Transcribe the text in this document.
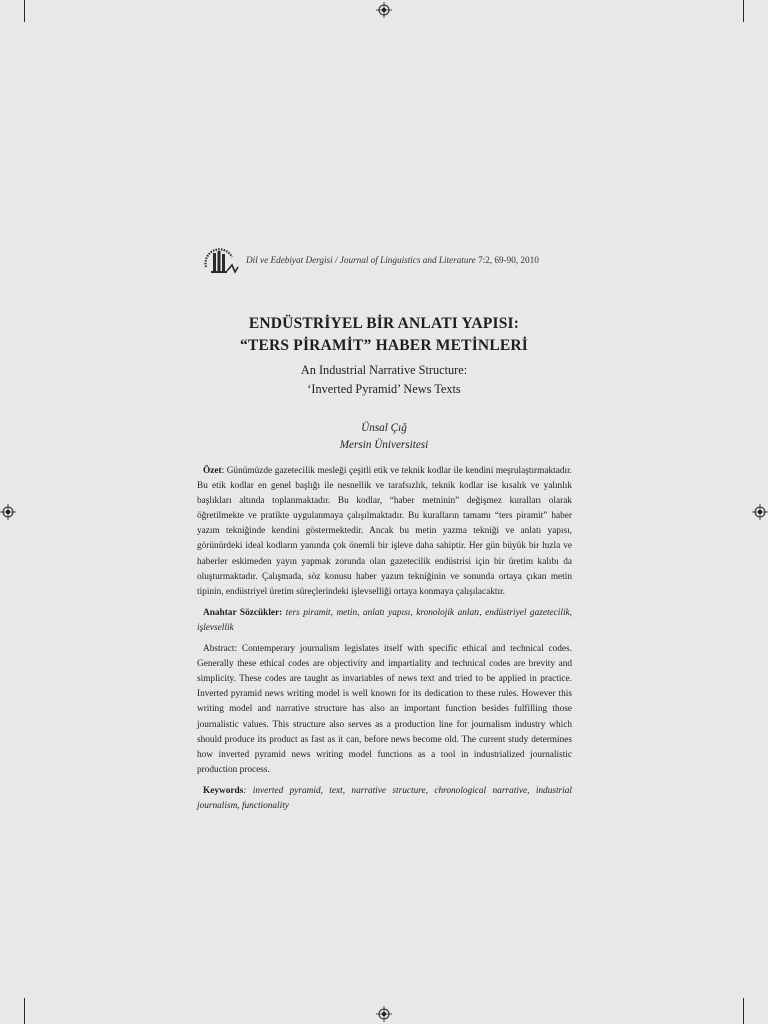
Dil ve Edebiyat Dergisi / Journal of Linguistics and Literature 7:2, 69-90, 2010
ENDÜSTRİYEL BİR ANLATI YAPISI:
“TERS PİRAMİT” HABER METİNLERİ
An Industrial Narrative Structure:
‘Inverted Pyramid’ News Texts
Ünsal Çığ
Mersin Üniversitesi

Özet: Günümüzde gazetecilik mesleği çeşitli etik ve teknik kodlar ile kendini meşrulaştırmaktadır. Bu etik kodlar en genel başlığı ile nesnellik ve tarafsızlık, teknik kodlar ise kısalık ve yalınlık başlıkları altında toplanmaktadır. Bu kodlar, “haber metninin” değişmez kuralları olarak öğretilmekte ve pratikte uygulanmaya çalışılmaktadır. Bu kuralların tamamı “ters piramit” haber yazım tekniğinde kendini göstermektedir. Ancak bu metin yazma tekniği ve anlatı yapısı, görünürdeki ideal kodların yanında çok önemli bir işleve daha sahiptir. Her gün büyük bir hızla ve haberler eskimeden yayın yapmak zorunda olan gazetecilik endüstrisi için bir üretim kalıbı da oluşturmaktadır. Çalışmada, söz konusu haber yazım tekniğinin ve sonunda ortaya çıkan metin tipinin, endüstriyel üretim süreçlerindeki işlevselliği ortaya konmaya çalışılacaktır.

Anahtar Sözcükler: ters piramit, metin, anlatı yapısı, kronolojik anlatı, endüstriyel gazetecilik, işlevsellik

Abstract: Contemperary journalism legislates itself with specific ethical and technical codes. Generally these ethical codes are objectivity and impartiality and technical codes are brevity and simplicity. These codes are taught as invariables of news text and tried to be applied in practice. Inverted pyramid news writing model is well known for its dedication to these rules. However this writing model and narrative structure has also an important function besides fulfilling those journalistic values. This structure also serves as a production line for journalism industry which should produce its product as fast as it can, before news become old. The current study determines how inverted pyramid news writing model functions as a tool in industrialized journalistic production process.

Keywords: inverted pyramid, text, narrative structure, chronological narrative, industrial journalism, functionality
